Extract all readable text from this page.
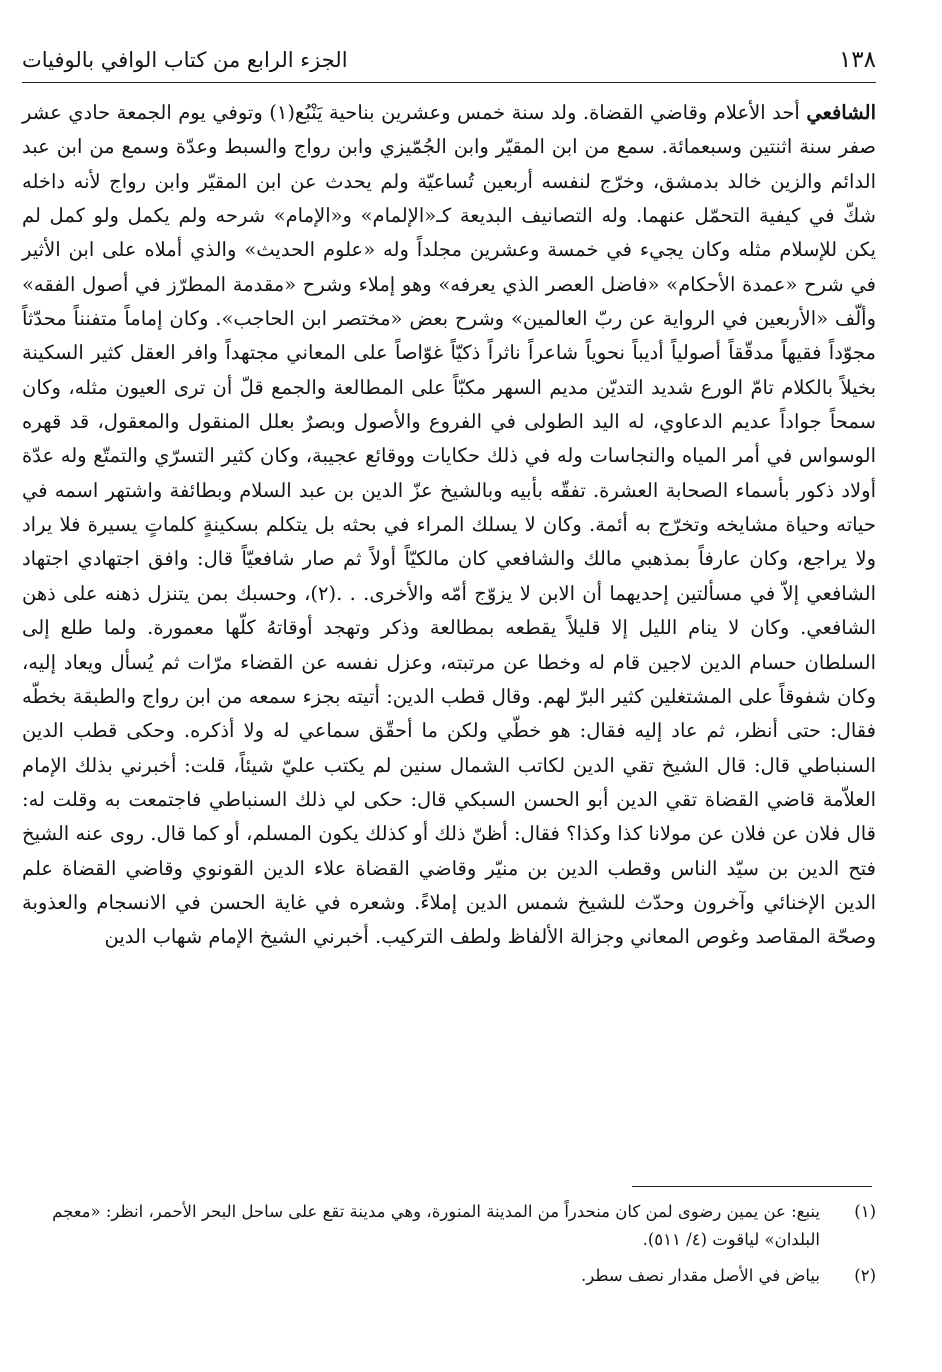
١٣٨
الجزء الرابع من كتاب الوافي بالوفيات

الشافعي أحد الأعلام وقاضي القضاة. ولد سنة خمس وعشرين بناحية يَنْبُع(١) وتوفي يوم الجمعة حادي عشر صفر سنة اثنتين وسبعمائة. سمع من ابن المقيّر وابن الجُمّيزي وابن رواج والسبط وعدّة وسمع من ابن عبد الدائم والزين خالد بدمشق، وخرّج لنفسه أربعين تُساعيّة ولم يحدث عن ابن المقيّر وابن رواج لأنه داخله شكّ في كيفية التحمّل عنهما. وله التصانيف البديعة كـ«الإلمام» و«الإمام» شرحه ولم يكمل ولو كمل لم يكن للإسلام مثله وكان يجيء في خمسة وعشرين مجلداً وله «علوم الحديث» والذي أملاه على ابن الأثير في شرح «عمدة الأحكام» «فاضل العصر الذي يعرفه» وهو إملاء وشرح «مقدمة المطرّز في أصول الفقه» وألّف «الأربعين في الرواية عن ربّ العالمين» وشرح بعض «مختصر ابن الحاجب». وكان إماماً متفنناً محدّثاً مجوّداً فقيهاً مدقّقاً أصولياً أديباً نحوياً شاعراً ناثراً ذكيّاً غوّاصاً على المعاني مجتهداً وافر العقل كثير السكينة بخيلاً بالكلام تامّ الورع شديد التديّن مديم السهر مكبّاً على المطالعة والجمع قلّ أن ترى العيون مثله، وكان سمحاً جواداً عديم الدعاوي، له اليد الطولى في الفروع والأصول وبصرٌ بعلل المنقول والمعقول، قد قهره الوسواس في أمر المياه والنجاسات وله في ذلك حكايات ووقائع عجيبة، وكان كثير التسرّي والتمتّع وله عدّة أولاد ذكور بأسماء الصحابة العشرة. تفقّه بأبيه وبالشيخ عزّ الدين بن عبد السلام وبطائفة واشتهر اسمه في حياته وحياة مشايخه وتخرّج به أئمة. وكان لا يسلك المراء في بحثه بل يتكلم بسكينةٍ كلماتٍ يسيرة فلا يراد ولا يراجع، وكان عارفاً بمذهبي مالك والشافعي كان مالكيّاً أولاً ثم صار شافعيّاً قال: وافق اجتهادي اجتهاد الشافعي إلاّ في مسألتين إحديهما أن الابن لا يزوّج أمّه والأخرى. . .(٢)، وحسبك بمن يتنزل ذهنه على ذهن الشافعي. وكان لا ينام الليل إلا قليلاً يقطعه بمطالعة وذكر وتهجد أوقاتهُ كلّها معمورة. ولما طلع إلى السلطان حسام الدين لاجين قام له وخطا عن مرتبته، وعزل نفسه عن القضاء مرّات ثم يُسأل ويعاد إليه، وكان شفوقاً على المشتغلين كثير البرّ لهم. وقال قطب الدين: أتيته بجزء سمعه من ابن رواج والطبقة بخطّه فقال: حتى أنظر، ثم عاد إليه فقال: هو خطّي ولكن ما أحقّق سماعي له ولا أذكره. وحكى قطب الدين السنباطي قال: قال الشيخ تقي الدين لكاتب الشمال سنين لم يكتب عليّ شيئاً، قلت: أخبرني بذلك الإمام العلاّمة قاضي القضاة تقي الدين أبو الحسن السبكي قال: حكى لي ذلك السنباطي فاجتمعت به وقلت له: قال فلان عن فلان عن مولانا كذا وكذا؟ فقال: أظنّ ذلك أو كذلك يكون المسلم، أو كما قال. روى عنه الشيخ فتح الدين بن سيّد الناس وقطب الدين بن منيّر وقاضي القضاة علاء الدين القونوي وقاضي القضاة علم الدين الإخنائي وآخرون وحدّث للشيخ شمس الدين إملاءً. وشعره في غاية الحسن في الانسجام والعذوبة وصحّة المقاصد وغوص المعاني وجزالة الألفاظ ولطف التركيب. أخبرني الشيخ الإمام شهاب الدين

(١)
ينبع: عن يمين رضوى لمن كان منحدراً من المدينة المنورة، وهي مدينة تقع على ساحل البحر الأحمر، انظر: «معجم البلدان» لياقوت (٤/ ٥١١).
(٢)
بياض في الأصل مقدار نصف سطر.
